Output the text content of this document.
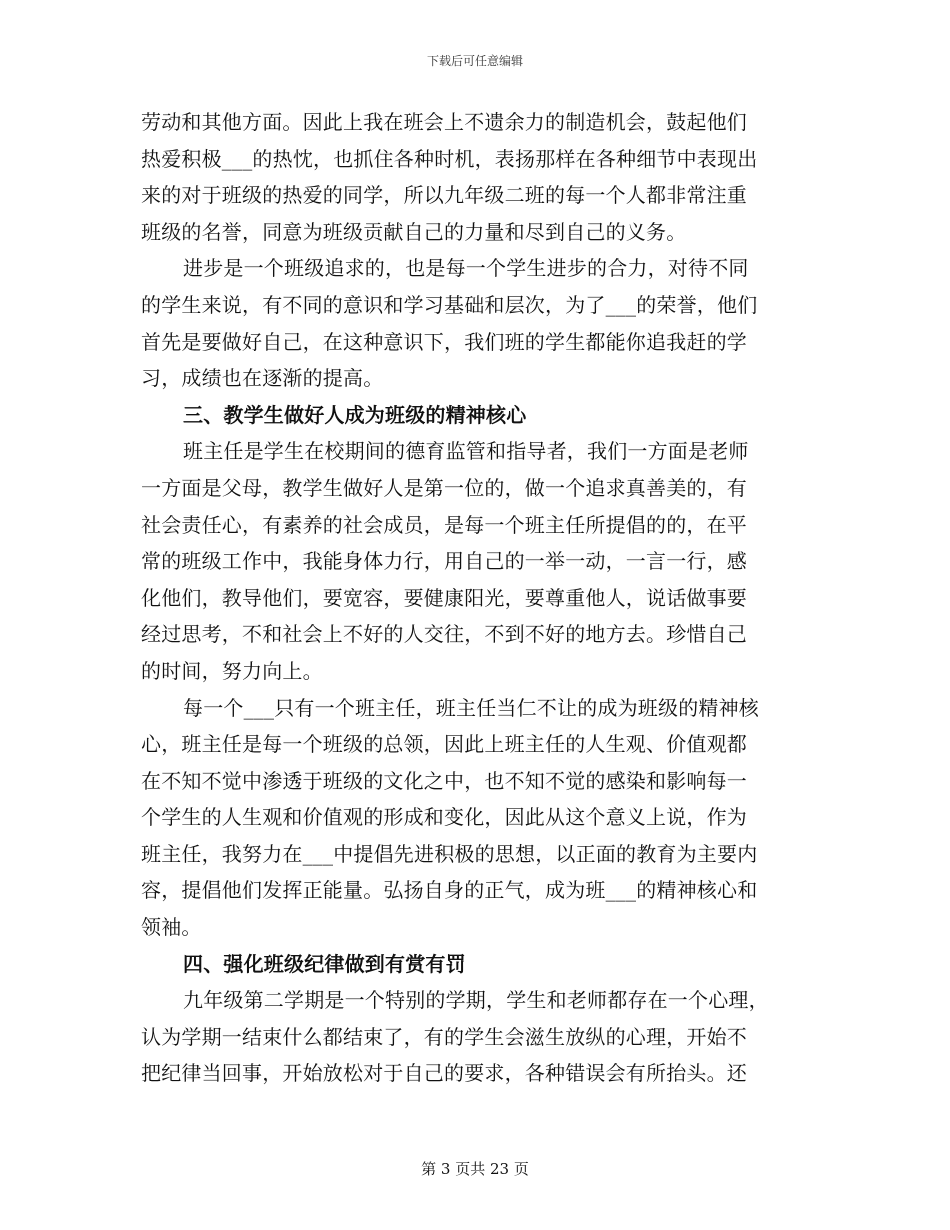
下载后可任意编辑
劳动和其他方面。因此上我在班会上不遗余力的制造机会，鼓起他们
热爱积极___的热忱，也抓住各种时机，表扬那样在各种细节中表现出
来的对于班级的热爱的同学，所以九年级二班的每一个人都非常注重
班级的名誉，同意为班级贡献自己的力量和尽到自己的义务。
进步是一个班级追求的，也是每一个学生进步的合力，对待不同
的学生来说，有不同的意识和学习基础和层次，为了___的荣誉，他们
首先是要做好自己，在这种意识下，我们班的学生都能你追我赶的学
习，成绩也在逐渐的提高。
三、教学生做好人成为班级的精神核心
班主任是学生在校期间的德育监管和指导者，我们一方面是老师
一方面是父母，教学生做好人是第一位的，做一个追求真善美的，有
社会责任心，有素养的社会成员，是每一个班主任所提倡的的，在平
常的班级工作中，我能身体力行，用自己的一举一动，一言一行，感
化他们，教导他们，要宽容，要健康阳光，要尊重他人，说话做事要
经过思考，不和社会上不好的人交往，不到不好的地方去。珍惜自己
的时间，努力向上。
每一个___只有一个班主任，班主任当仁不让的成为班级的精神核
心，班主任是每一个班级的总领，因此上班主任的人生观、价值观都
在不知不觉中渗透于班级的文化之中，也不知不觉的感染和影响每一
个学生的人生观和价值观的形成和变化，因此从这个意义上说，作为
班主任，我努力在___中提倡先进积极的思想，以正面的教育为主要内
容，提倡他们发挥正能量。弘扬自身的正气，成为班___的精神核心和
领袖。
四、强化班级纪律做到有赏有罚
九年级第二学期是一个特别的学期，学生和老师都存在一个心理，
认为学期一结束什么都结束了，有的学生会滋生放纵的心理，开始不
把纪律当回事，开始放松对于自己的要求，各种错误会有所抬头。还
第 3 页共 23 页
